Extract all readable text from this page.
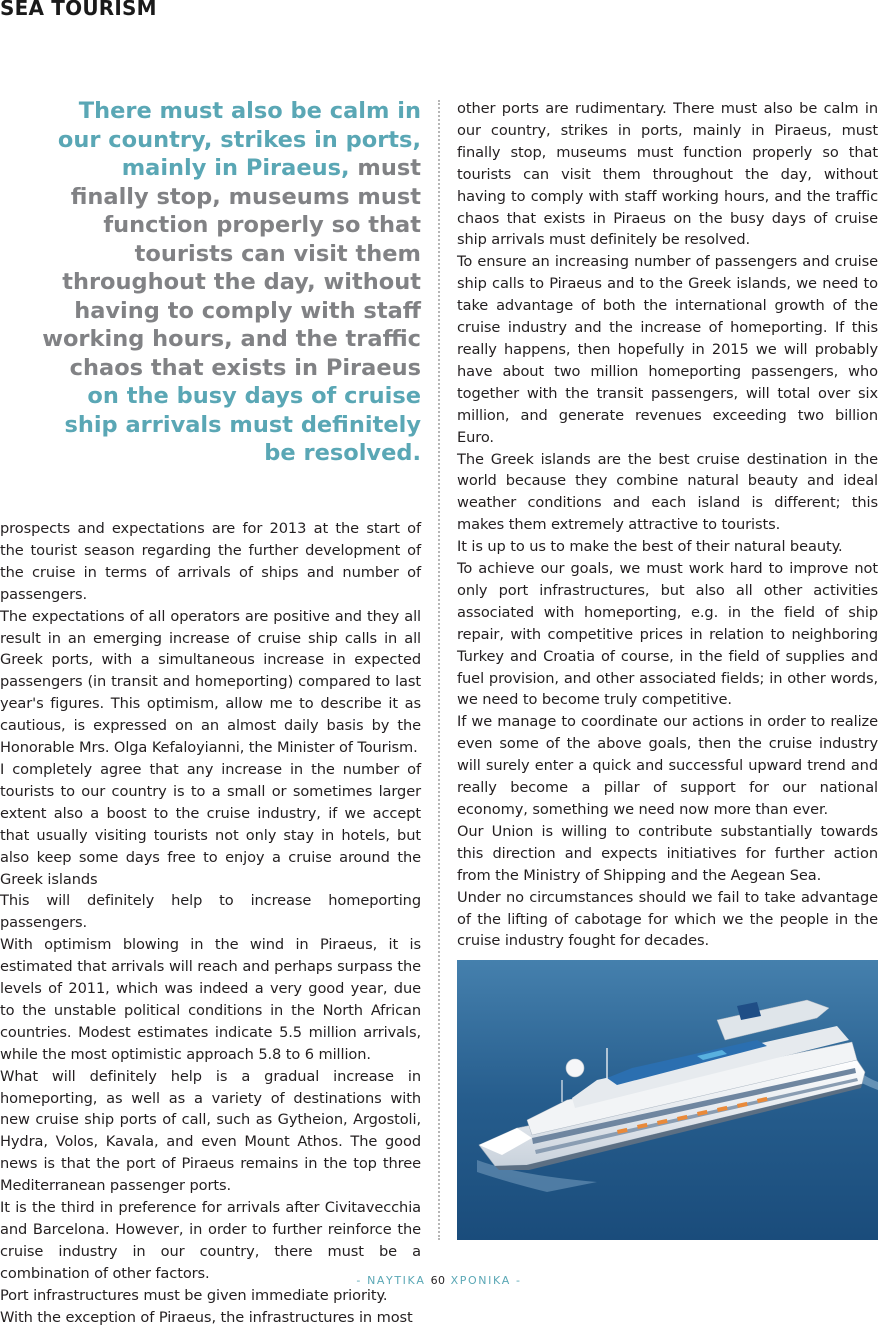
SEA TOURISM
There must also be calm in our country, strikes in ports, mainly in Piraeus, must finally stop, museums must function properly so that tourists can visit them throughout the day, without having to comply with staff working hours, and the traffic chaos that exists in Piraeus on the busy days of cruise ship arrivals must definitely be resolved.

prospects and expectations are for 2013 at the start of the tourist season regarding the further development of the cruise in terms of arrivals of ships and number of passengers.

The expectations of all operators are positive and they all result in an emerging increase of cruise ship calls in all Greek ports, with a simultaneous increase in expected passengers (in transit and homeporting) compared to last year's figures. This optimism, allow me to describe it as cautious, is expressed on an almost daily basis by the Honorable Mrs. Olga Kefaloyianni, the Minister of Tourism.

I completely agree that any increase in the number of tourists to our country is to a small or sometimes larger extent also a boost to the cruise industry, if we accept that usually visiting tourists not only stay in hotels, but also keep some days free to enjoy a cruise around the Greek islands

This will definitely help to increase homeporting passengers.

With optimism blowing in the wind in Piraeus, it is estimated that arrivals will reach and perhaps surpass the levels of 2011, which was indeed a very good year, due to the unstable political conditions in the North African countries. Modest estimates indicate 5.5 million arrivals, while the most optimistic approach 5.8 to 6 million.

What will definitely help is a gradual increase in homeporting, as well as a variety of destinations with new cruise ship ports of call, such as Gytheion, Argostoli, Hydra, Volos, Kavala, and even Mount Athos. The good news is that the port of Piraeus remains in the top three Mediterranean passenger ports.

It is the third in preference for arrivals after Civitavecchia and Barcelona. However, in order to further reinforce the cruise industry in our country, there must be a combination of other factors.

Port infrastructures must be given immediate priority.

With the exception of Piraeus, the infrastructures in most

other ports are rudimentary. There must also be calm in our country, strikes in ports, mainly in Piraeus, must finally stop, museums must function properly so that tourists can visit them throughout the day, without having to comply with staff working hours, and the traffic chaos that exists in Piraeus on the busy days of cruise ship arrivals must definitely be resolved.

To ensure an increasing number of passengers and cruise ship calls to Piraeus and to the Greek islands, we need to take advantage of both the international growth of the cruise industry and the increase of homeporting. If this really happens, then hopefully in 2015 we will probably have about two million homeporting passengers, who together with the transit passengers, will total over six million, and generate revenues exceeding two billion Euro.

The Greek islands are the best cruise destination in the world because they combine natural beauty and ideal weather conditions and each island is different; this makes them extremely attractive to tourists.

It is up to us to make the best of their natural beauty.

To achieve our goals, we must work hard to improve not only port infrastructures, but also all other activities associated with homeporting, e.g. in the field of ship repair, with competitive prices in relation to neighboring Turkey and Croatia of course, in the field of supplies and fuel provision, and other associated fields; in other words, we need to become truly competitive.

If we manage to coordinate our actions in order to realize even some of the above goals, then the cruise industry will surely enter a quick and successful upward trend and really become a pillar of support for our national economy, something we need now more than ever.

Our Union is willing to contribute substantially towards this direction and expects initiatives for further action from the Ministry of Shipping and the Aegean Sea.

Under no circumstances should we fail to take advantage of the lifting of cabotage for which we the people in the cruise industry fought for decades.

- ΝΑΥΤΙΚΑ 60 ΧΡΟΝΙΚΑ -
